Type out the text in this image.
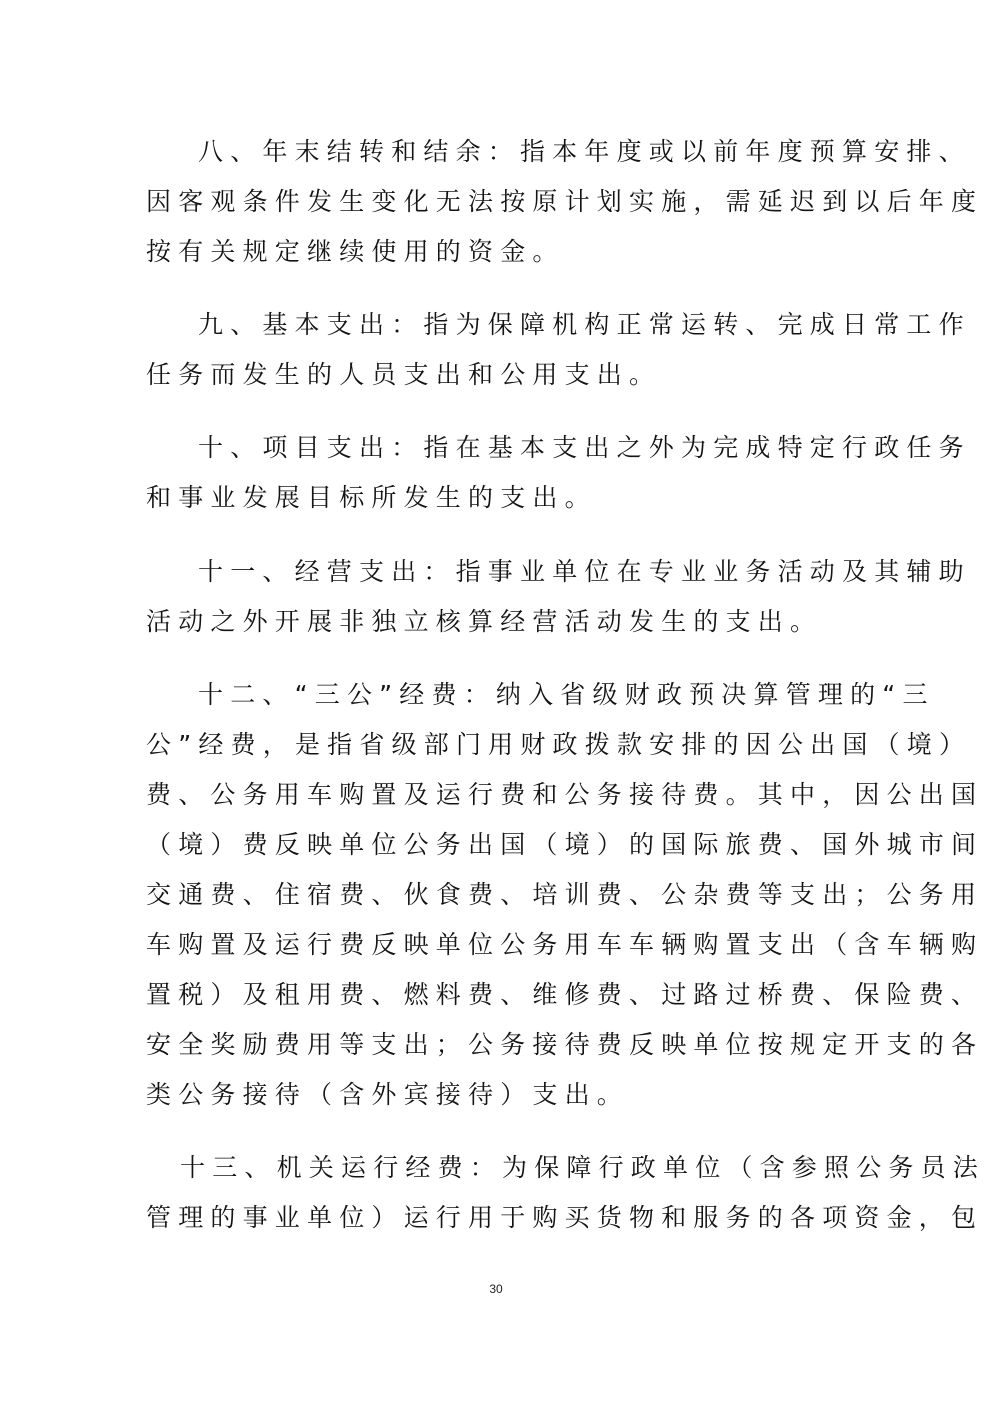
八、年末结转和结余：指本年度或以前年度预算安排、

因客观条件发生变化无法按原计划实施，需延迟到以后年度

按有关规定继续使用的资金。

九、基本支出：指为保障机构正常运转、完成日常工作

任务而发生的人员支出和公用支出。

十、项目支出：指在基本支出之外为完成特定行政任务

和事业发展目标所发生的支出。

十一、经营支出：指事业单位在专业业务活动及其辅助

活动之外开展非独立核算经营活动发生的支出。

十二、“三公”经费：纳入省级财政预决算管理的“三

公”经费，是指省级部门用财政拨款安排的因公出国（境）

费、公务用车购置及运行费和公务接待费。其中，因公出国

（境）费反映单位公务出国（境）的国际旅费、国外城市间

交通费、住宿费、伙食费、培训费、公杂费等支出；公务用

车购置及运行费反映单位公务用车车辆购置支出（含车辆购

置税）及租用费、燃料费、维修费、过路过桥费、保险费、

安全奖励费用等支出；公务接待费反映单位按规定开支的各

类公务接待（含外宾接待）支出。

十三、机关运行经费：为保障行政单位（含参照公务员法

管理的事业单位）运行用于购买货物和服务的各项资金，包

30
